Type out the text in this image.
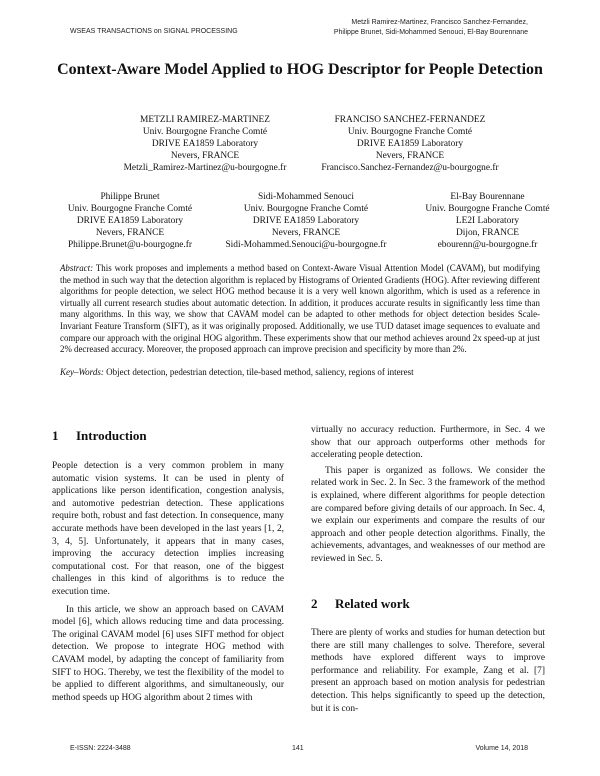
WSEAS TRANSACTIONS on SIGNAL PROCESSING
Metzli Ramirez-Martinez, Francisco Sanchez-Fernandez,
Philippe Brunet, Sidi-Mohammed Senouci, El-Bay Bourennane
Context-Aware Model Applied to HOG Descriptor for People Detection
METZLI RAMIREZ-MARTINEZ
Univ. Bourgogne Franche Comté
DRIVE EA1859 Laboratory
Nevers, FRANCE
Metzli_Ramirez-Martinez@u-bourgogne.fr
FRANCISO SANCHEZ-FERNANDEZ
Univ. Bourgogne Franche Comté
DRIVE EA1859 Laboratory
Nevers, FRANCE
Francisco.Sanchez-Fernandez@u-bourgogne.fr
Philippe Brunet
Univ. Bourgogne Franche Comté
DRIVE EA1859 Laboratory
Nevers, FRANCE
Philippe.Brunet@u-bourgogne.fr
Sidi-Mohammed Senouci
Univ. Bourgogne Franche Comté
DRIVE EA1859 Laboratory
Nevers, FRANCE
Sidi-Mohammed.Senouci@u-bourgogne.fr
El-Bay Bourennane
Univ. Bourgogne Franche Comté
LE2I Laboratory
Dijon, FRANCE
ebourenn@u-bourgogne.fr
Abstract: This work proposes and implements a method based on Context-Aware Visual Attention Model (CAVAM), but modifying the method in such way that the detection algorithm is replaced by Histograms of Oriented Gradients (HOG). After reviewing different algorithms for people detection, we select HOG method because it is a very well known algorithm, which is used as a reference in virtually all current research studies about automatic detection. In addition, it produces accurate results in significantly less time than many algorithms. In this way, we show that CAVAM model can be adapted to other methods for object detection besides Scale-Invariant Feature Transform (SIFT), as it was originally proposed. Additionally, we use TUD dataset image sequences to evaluate and compare our approach with the original HOG algorithm. These experiments show that our method achieves around 2x speed-up at just 2% decreased accuracy. Moreover, the proposed approach can improve precision and specificity by more than 2%.
Key–Words: Object detection, pedestrian detection, tile-based method, saliency, regions of interest
1 Introduction

People detection is a very common problem in many automatic vision systems. It can be used in plenty of applications like person identification, congestion analysis, and automotive pedestrian detection. These applications require both, robust and fast detection. In consequence, many accurate methods have been developed in the last years [1, 2, 3, 4, 5]. Unfortunately, it appears that in many cases, improving the accuracy detection implies increasing computational cost. For that reason, one of the biggest challenges in this kind of algorithms is to reduce the execution time.

In this article, we show an approach based on CAVAM model [6], which allows reducing time and data processing. The original CAVAM model [6] uses SIFT method for object detection. We propose to integrate HOG method with CAVAM model, by adapting the concept of familiarity from SIFT to HOG. Thereby, we test the flexibility of the model to be applied to different algorithms, and simultaneously, our method speeds up HOG algorithm about 2 times with

virtually no accuracy reduction. Furthermore, in Sec. 4 we show that our approach outperforms other methods for accelerating people detection.

This paper is organized as follows. We consider the related work in Sec. 2. In Sec. 3 the framework of the method is explained, where different algorithms for people detection are compared before giving details of our approach. In Sec. 4, we explain our experiments and compare the results of our approach and other people detection algorithms. Finally, the achievements, advantages, and weaknesses of our method are reviewed in Sec. 5.

2 Related work

There are plenty of works and studies for human detection but there are still many challenges to solve. Therefore, several methods have explored different ways to improve performance and reliability. For example, Zang et al. [7] present an approach based on motion analysis for pedestrian detection. This helps significantly to speed up the detection, but it is con-

E-ISSN: 2224-3488	141	Volume 14, 2018
